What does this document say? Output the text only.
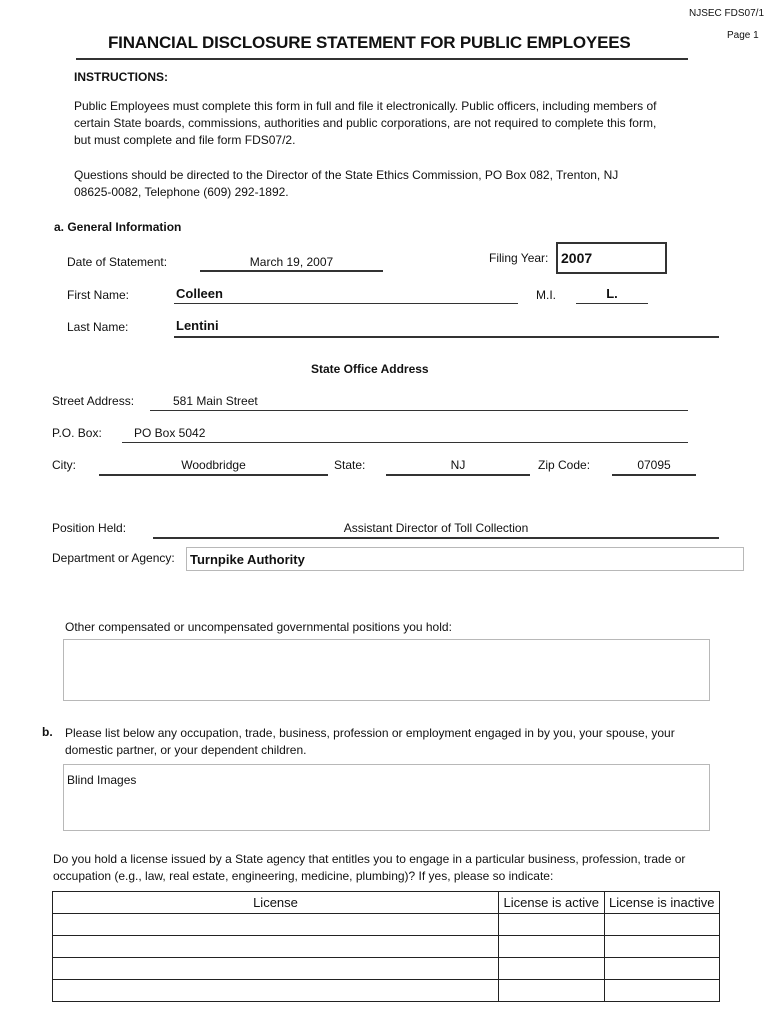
NJSEC FDS07/1
Page 1
FINANCIAL DISCLOSURE STATEMENT FOR PUBLIC EMPLOYEES
INSTRUCTIONS:
Public Employees must complete this form in full and file it electronically. Public officers, including members of
certain State boards, commissions, authorities and public corporations, are not required to complete this form,
but must complete and file form FDS07/2.
Questions should be directed to the Director of the State Ethics Commission, PO Box 082, Trenton, NJ
08625-0082, Telephone (609) 292-1892.
a. General Information
Date of Statement:	March 19, 2007	Filing Year: 2007
First Name:	Colleen	M.I.	L.
Last Name:	Lentini
State Office Address
Street Address:	581 Main Street
P.O. Box:	PO Box 5042
City:	Woodbridge	State:	NJ	Zip Code:	07095
Position Held:	Assistant Director of Toll Collection
Department or Agency:	Turnpike Authority
Other compensated or uncompensated governmental positions you hold:
b. Please list below any occupation, trade, business, profession or employment engaged in by you, your spouse, your
domestic partner, or your dependent children.
Blind Images
Do you hold a license issued by a State agency that entitles you to engage in a particular business, profession, trade or
occupation (e.g., law, real estate, engineering, medicine, plumbing)? If yes, please so indicate:
License	License is active	License is inactive
